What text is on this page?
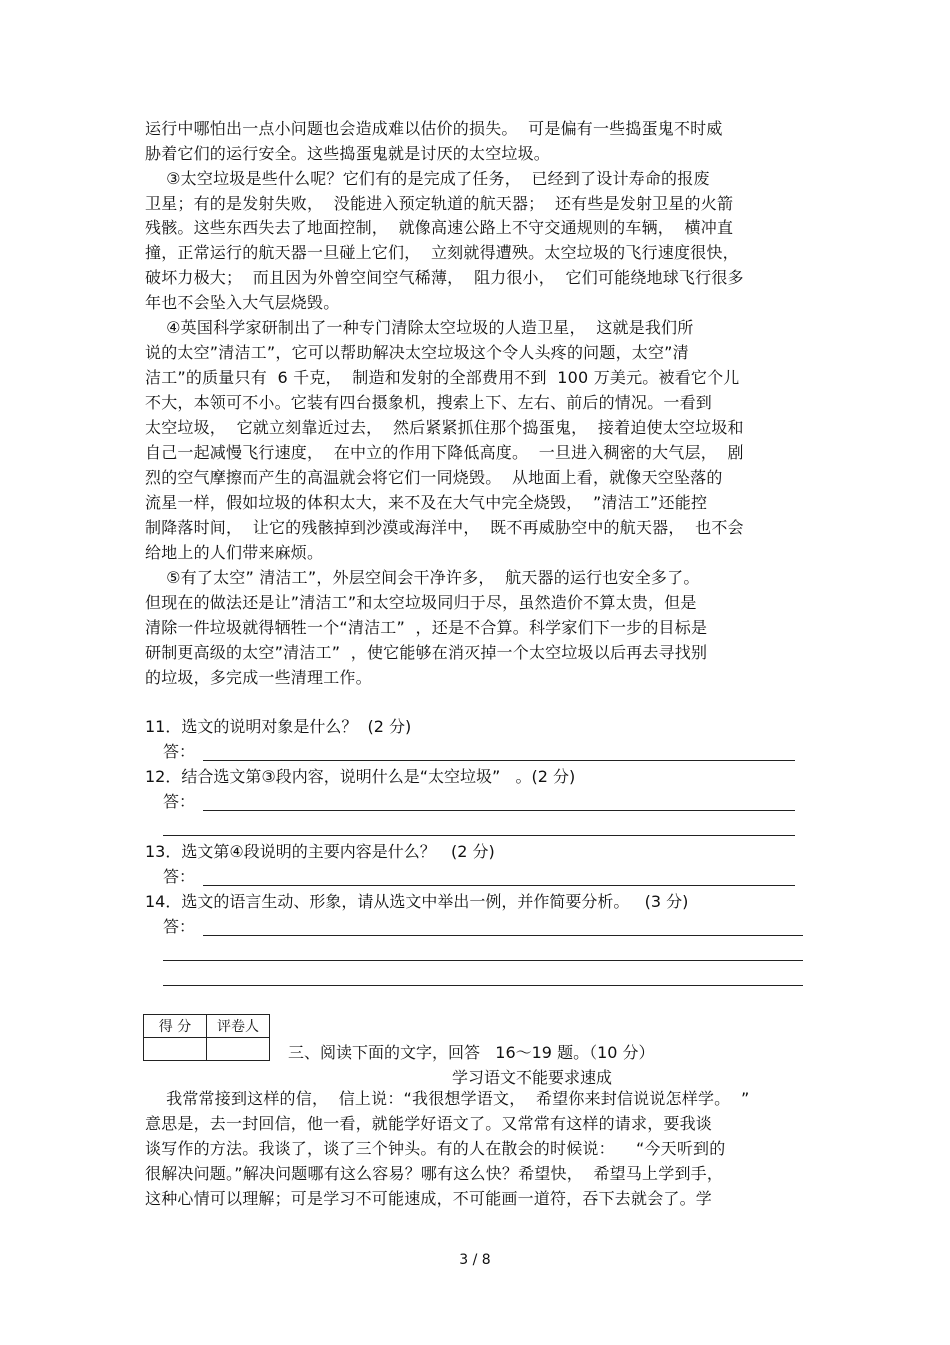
运行中哪怕出一点小问题也会造成难以估价的损失。  可是偏有一些捣蛋鬼不时威
胁着它们的运行安全。这些捣蛋鬼就是讨厌的太空垃圾。
③太空垃圾是些什么呢？它们有的是完成了任务，  已经到了设计寿命的报废
卫星；有的是发射失败，  没能进入预定轨道的航天器；  还有些是发射卫星的火箭
残骸。这些东西失去了地面控制，  就像高速公路上不守交通规则的车辆，  横冲直
撞，正常运行的航天器一旦碰上它们，  立刻就得遭殃。太空垃圾的飞行速度很快，
破坏力极大；  而且因为外曾空间空气稀薄，  阻力很小，  它们可能绕地球飞行很多
年也不会坠入大气层烧毁。
④英国科学家研制出了一种专门清除太空垃圾的人造卫星，  这就是我们所
说的太空”清洁工”，它可以帮助解决太空垃圾这个令人头疼的问题，太空”清
洁工”的质量只有  6 千克，  制造和发射的全部费用不到  100 万美元。被看它个儿
不大，本领可不小。它装有四台摄象机，搜索上下、左右、前后的情况。一看到
太空垃圾，  它就立刻靠近过去，  然后紧紧抓住那个捣蛋鬼，  接着迫使太空垃圾和
自己一起减慢飞行速度，  在中立的作用下降低高度。  一旦进入稠密的大气层，  剧
烈的空气摩擦而产生的高温就会将它们一同烧毁。  从地面上看，就像天空坠落的
流星一样，假如垃圾的体积太大，来不及在大气中完全烧毁，  ”清洁工”还能控
制降落时间，  让它的残骸掉到沙漠或海洋中，  既不再威胁空中的航天器，  也不会
给地上的人们带来麻烦。
⑤有了太空” 清洁工”，外层空间会干净许多，  航天器的运行也安全多了。
但现在的做法还是让”清洁工”和太空垃圾同归于尽，虽然造价不算太贵，但是
清除一件垃圾就得牺牲一个“清洁工”  ，还是不合算。科学家们下一步的目标是
研制更高级的太空”清洁工”  ，使它能够在消灭掉一个太空垃圾以后再去寻找别
的垃圾，多完成一些清理工作。
11．选文的说明对象是什么？  (2 分)
答：
12．结合选文第③段内容，说明什么是“太空垃圾”   。(2 分)
答：
13．选文第④段说明的主要内容是什么？   (2 分)
答：
14．选文的语言生动、形象，请从选文中举出一例，并作简要分析。   (3 分)
答：
得 分	评卷人

三、阅读下面的文字，回答   16～19 题。（10 分）
学习语文不能要求速成
我常常接到这样的信，  信上说：“我很想学语文，  希望你来封信说说怎样学。  ”
意思是，去一封回信，他一看，就能学好语文了。又常常有这样的请求，要我谈
谈写作的方法。我谈了，谈了三个钟头。有的人在散会的时候说：    “今天听到的
很解决问题。”解决问题哪有这么容易？哪有这么快？希望快，  希望马上学到手，
这种心情可以理解；可是学习不可能速成，不可能画一道符，吞下去就会了。学
3 / 8
